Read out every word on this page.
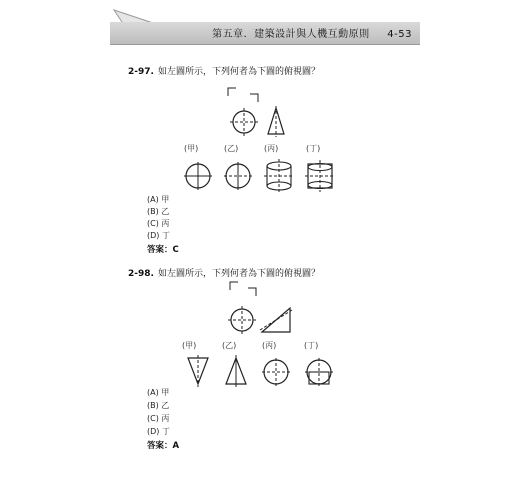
第五章．建築設計與人機互動原則 4-53
2-97. 如左圖所示，下列何者為下圖的俯視圖？
(甲)	(乙)	(丙)	(丁)
(A) 甲
(B) 乙
(C) 丙
(D) 丁
答案：C
2-98. 如左圖所示，下列何者為下圖的俯視圖？
(甲)	(乙)	(丙)	(丁)
(A) 甲
(B) 乙
(C) 丙
(D) 丁
答案：A
